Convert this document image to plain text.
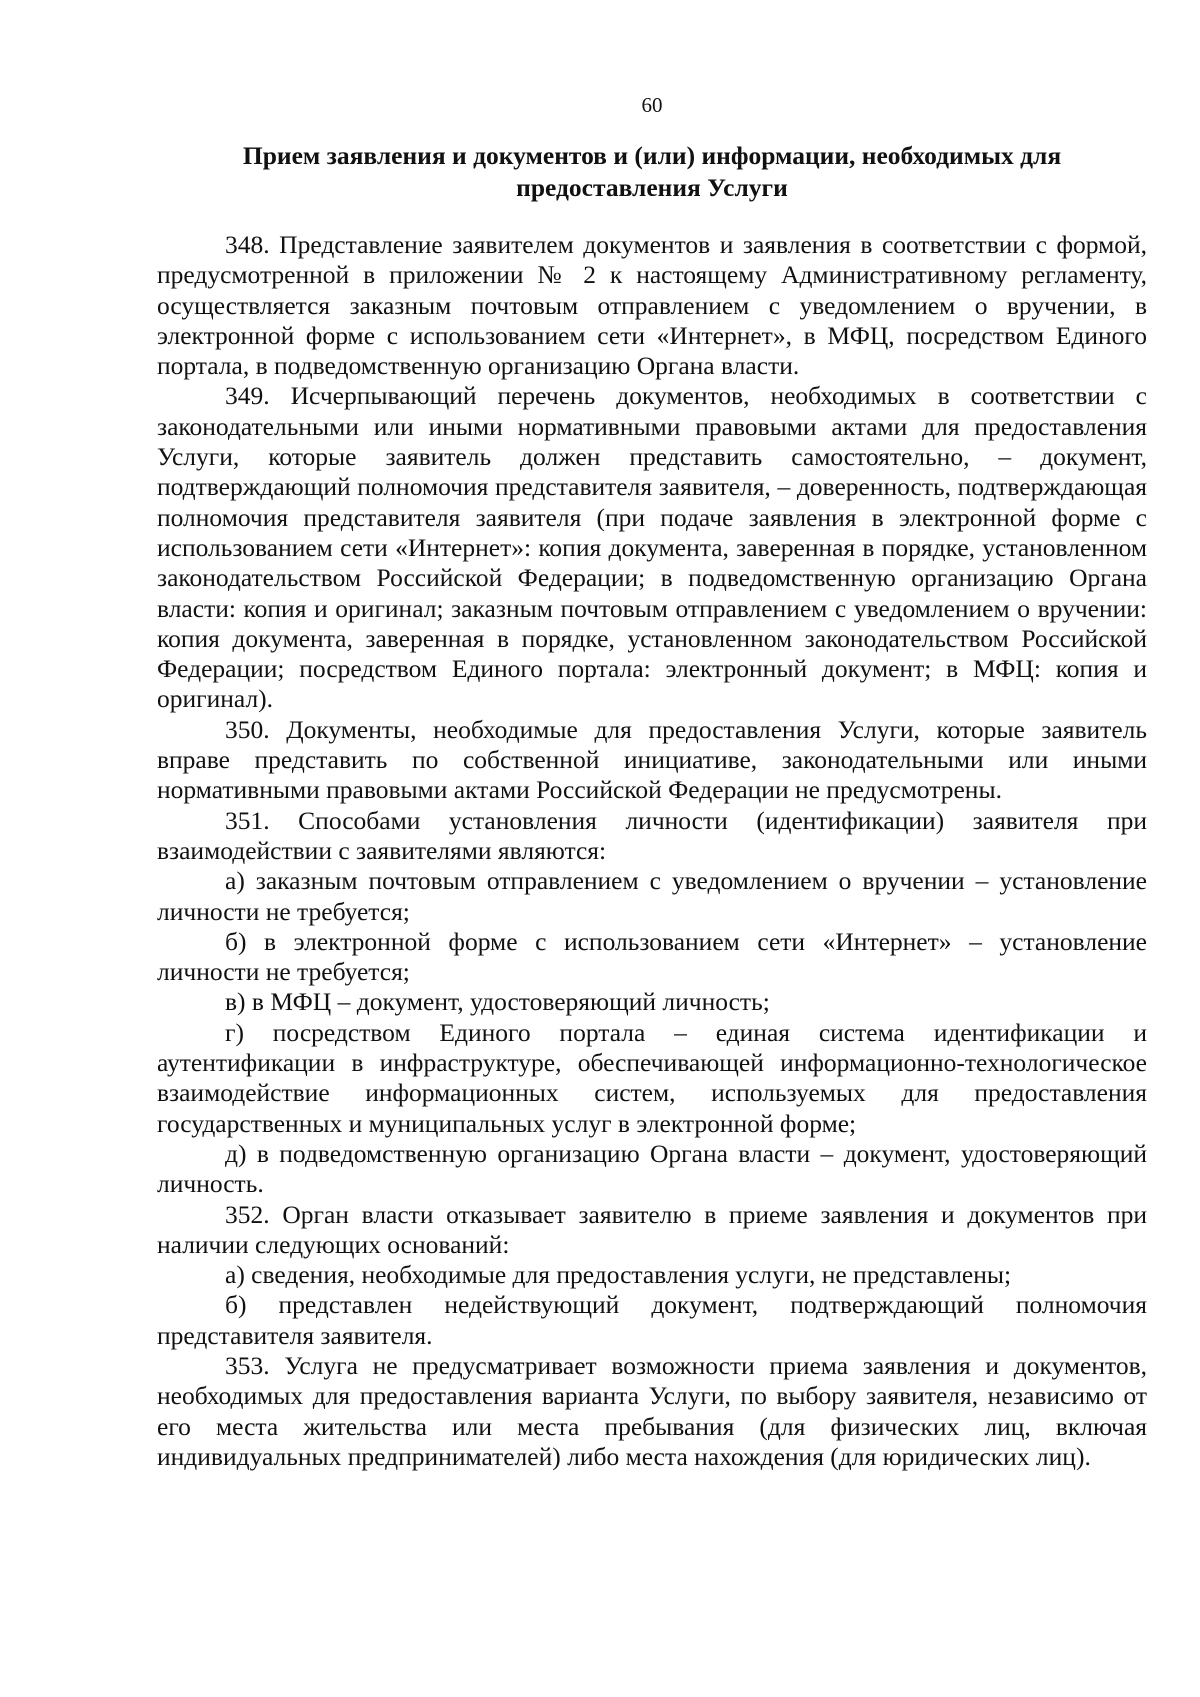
60
Прием заявления и документов и (или) информации, необходимых для
предоставления Услуги

348. Представление заявителем документов и заявления в соответствии с формой, предусмотренной в приложении № 2 к настоящему Административному регламенту, осуществляется заказным почтовым отправлением с уведомлением о вручении, в электронной форме с использованием сети «Интернет», в МФЦ, посредством Единого портала, в подведомственную организацию Органа власти.

349. Исчерпывающий перечень документов, необходимых в соответствии с законодательными или иными нормативными правовыми актами для предоставления Услуги, которые заявитель должен представить самостоятельно, – документ, подтверждающий полномочия представителя заявителя, – доверенность, подтверждающая полномочия представителя заявителя (при подаче заявления в электронной форме с использованием сети «Интернет»: копия документа, заверенная в порядке, установленном законодательством Российской Федерации; в подведомственную организацию Органа власти: копия и оригинал; заказным почтовым отправлением с уведомлением о вручении: копия документа, заверенная в порядке, установленном законодательством Российской Федерации; посредством Единого портала: электронный документ; в МФЦ: копия и оригинал).

350. Документы, необходимые для предоставления Услуги, которые заявитель вправе представить по собственной инициативе, законодательными или иными нормативными правовыми актами Российской Федерации не предусмотрены.

351. Способами установления личности (идентификации) заявителя при взаимодействии с заявителями являются:

а) заказным почтовым отправлением с уведомлением о вручении – установление личности не требуется;

б) в электронной форме с использованием сети «Интернет» – установление личности не требуется;

в) в МФЦ – документ, удостоверяющий личность;

г) посредством Единого портала – единая система идентификации и аутентификации в инфраструктуре, обеспечивающей информационно-технологическое взаимодействие информационных систем, используемых для предоставления государственных и муниципальных услуг в электронной форме;

д) в подведомственную организацию Органа власти – документ, удостоверяющий личность.

352. Орган власти отказывает заявителю в приеме заявления и документов при наличии следующих оснований:

а) сведения, необходимые для предоставления услуги, не представлены;

б) представлен недействующий документ, подтверждающий полномочия представителя заявителя.

353. Услуга не предусматривает возможности приема заявления и документов, необходимых для предоставления варианта Услуги, по выбору заявителя, независимо от его места жительства или места пребывания (для физических лиц, включая индивидуальных предпринимателей) либо места нахождения (для юридических лиц).
